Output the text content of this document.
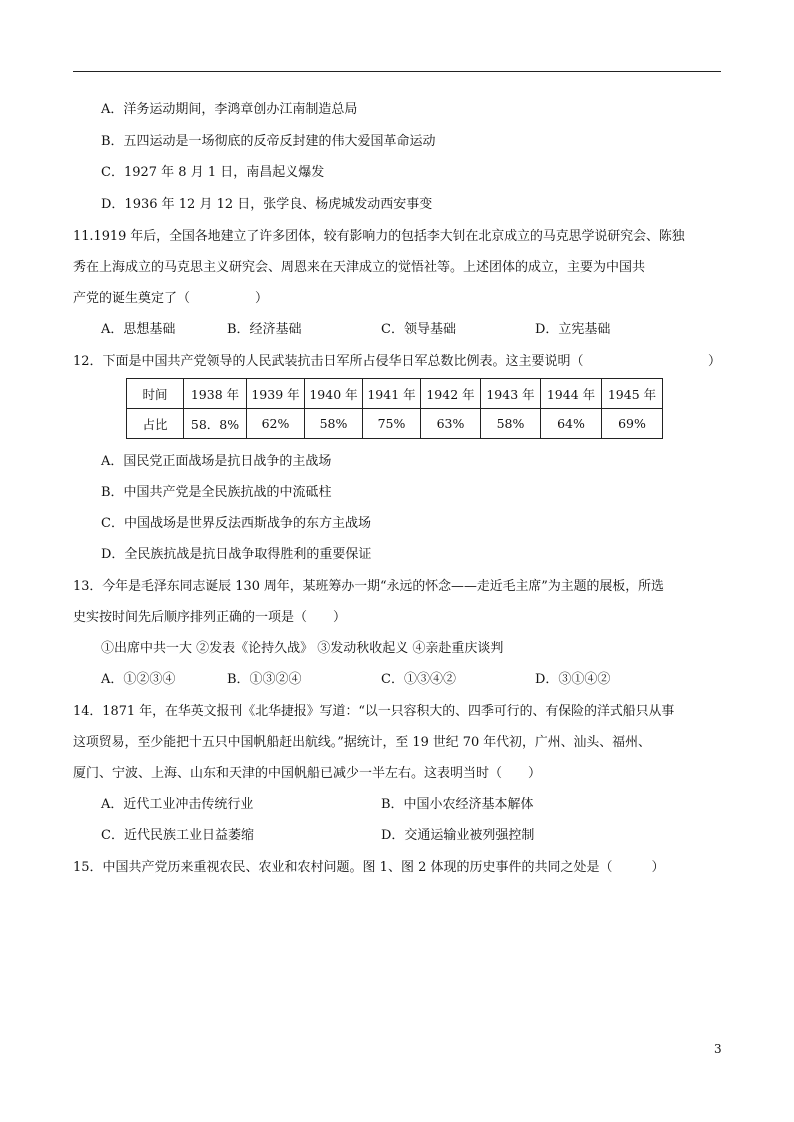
A．洋务运动期间，李鸿章创办江南制造总局
B．五四运动是一场彻底的反帝反封建的伟大爱国革命运动
C．1927 年 8 月 1 日，南昌起义爆发
D．1936 年 12 月 12 日，张学良、杨虎城发动西安事变
11.1919 年后，全国各地建立了许多团体，较有影响力的包括李大钊在北京成立的马克思学说研究会、陈独
秀在上海成立的马克思主义研究会、周恩来在天津成立的觉悟社等。上述团体的成立，主要为中国共
产党的诞生奠定了（　　　　　）
A．思想基础	B．经济基础	C．领导基础	D．立宪基础
12．下面是中国共产党领导的人民武装抗击日军所占侵华日军总数比例表。这主要说明（	）
时间	1938 年	1939 年	1940 年	1941 年	1942 年	1943 年	1944 年	1945 年
占比	58．8%	62%	58%	75%	63%	58%	64%	69%
A．国民党正面战场是抗日战争的主战场
B．中国共产党是全民族抗战的中流砥柱
C．中国战场是世界反法西斯战争的东方主战场
D．全民族抗战是抗日战争取得胜利的重要保证
13．今年是毛泽东同志诞辰 130 周年，某班筹办一期“永远的怀念——走近毛主席”为主题的展板，所选
史实按时间先后顺序排列正确的一项是（　　）
①出席中共一大 ②发表《论持久战》 ③发动秋收起义 ④亲赴重庆谈判
A．①②③④	B．①③②④	C．①③④②	D．③①④②
14．1871 年，在华英文报刊《北华捷报》写道：“以一只容积大的、四季可行的、有保险的洋式船只从事
这项贸易，至少能把十五只中国帆船赶出航线。”据统计，至 19 世纪 70 年代初，广州、汕头、福州、
厦门、宁波、上海、山东和天津的中国帆船已减少一半左右。这表明当时（　　）
A．近代工业冲击传统行业	B．中国小农经济基本解体
C．近代民族工业日益萎缩	D．交通运输业被列强控制
15．中国共产党历来重视农民、农业和农村问题。图 1、图 2 体现的历史事件的共同之处是（　　　）
3
